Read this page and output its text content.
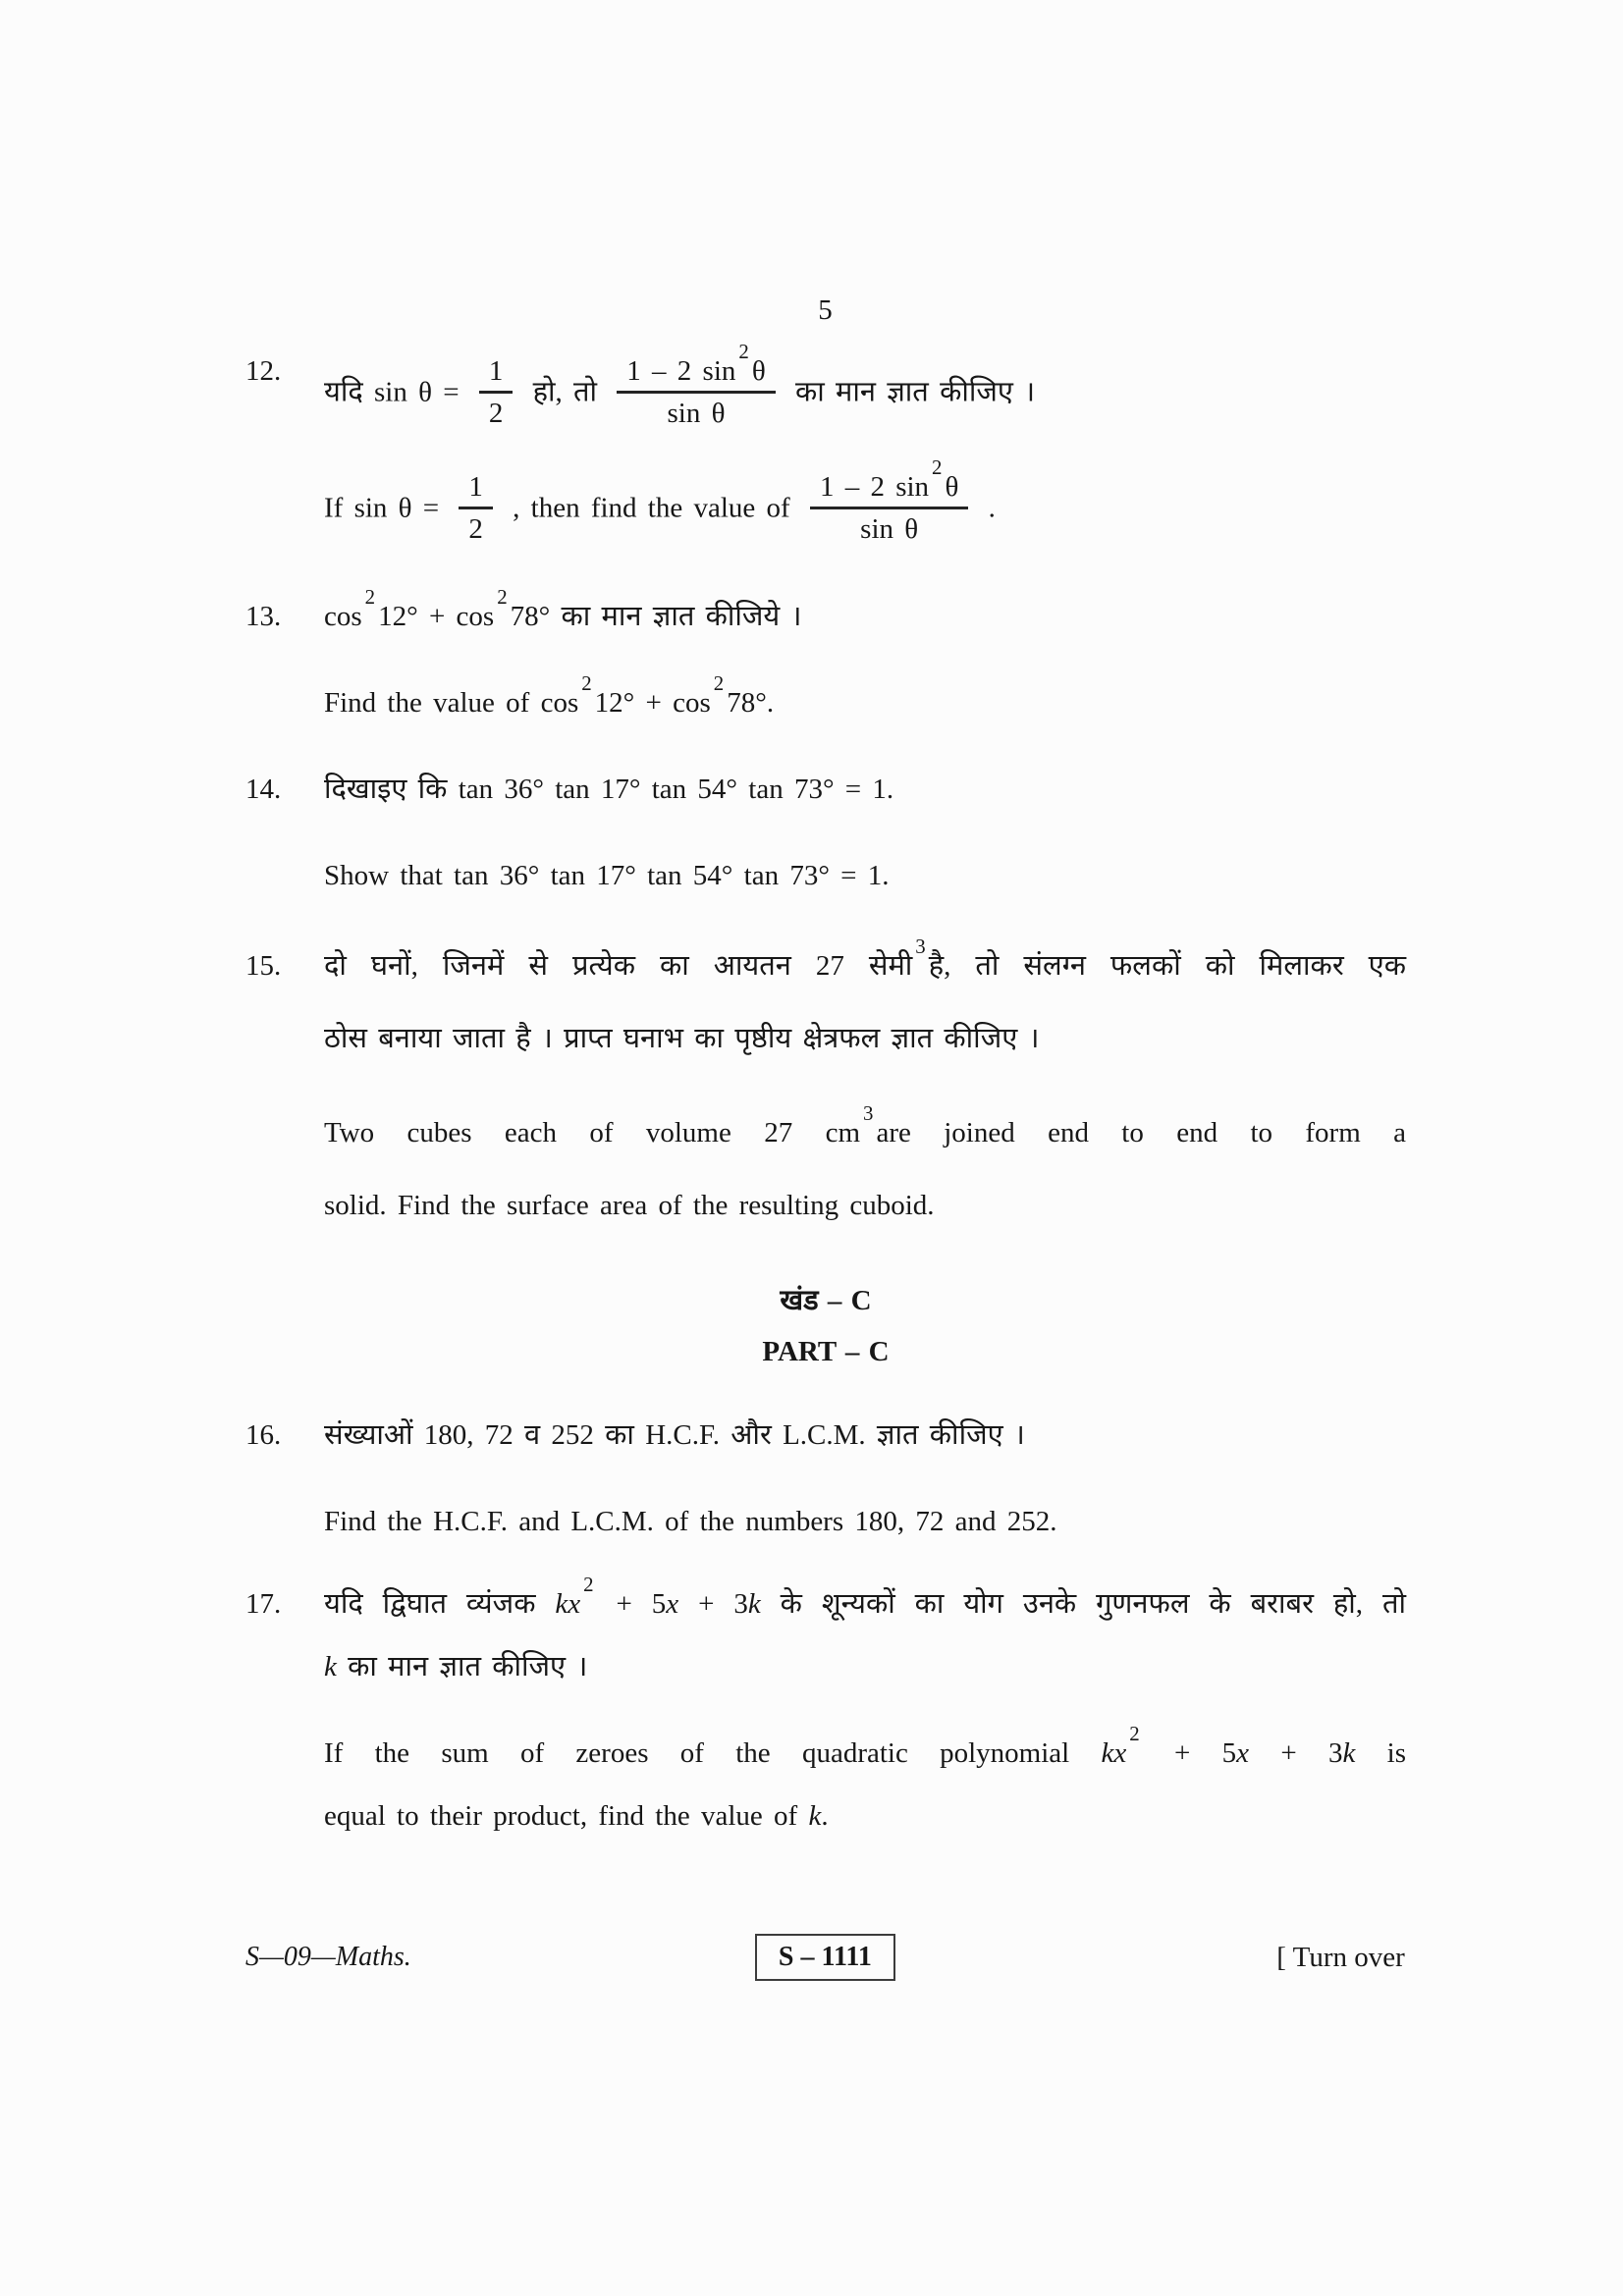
5
12.
यदि $\sin \theta = \frac{1}{2}$ हो, तो $\frac{1 - 2 \sin^2\theta}{\text{sin θ}}$ का मान ज्ञात कीजिए ।
If $\sin \theta = \frac{1}{2}$ , then find the value of $\frac{1 - 2 \sin^2\theta}{\text{sin θ}}$ .
13.	$\cos^212^\circ + \cos^278^\circ$ का मान ज्ञात कीजिये ।
Find the value of $\cos^212^\circ + \cos^278^\circ$.
14.	दिखाइए कि tan 36° tan 17° tan 54° tan 73° = 1.
Show that tan 36° tan 17° tan 54° tan 73° = 1.
15.	दो घनों, जिनमें से प्रत्येक का आयतन 27 सेमी$^3$है, तो संलग्न फलकों को मिलाकर एक
ठोस बनाया जाता है । प्राप्त घनाभ का पृष्ठीय क्षेत्रफल ज्ञात कीजिए ।
Two cubes each of volume 27 $cm^3are$ joined end to end to form a
solid. Find the surface area of the resulting cuboid.
खंड – C
PART – C
16.	संख्याओं 180, 72 व 252 का H.C.F. और L.C.M. ज्ञात कीजिए ।
Find the H.C.F. and L.C.M. of the numbers 180, 72 and 252.
17.	यदि द्विघात व्यंजक $kx^2 + 5x + 3k$ के शून्यकों का योग उनके गुणनफल के बराबर हो, तो
k का मान ज्ञात कीजिए ।
If the sum of zeroes of the quadratic polynomial $kx^2 + 5x + 3k$ is
equal to their product, find the value of k.
S—09—Maths.	S – 1111	[ Turn over
